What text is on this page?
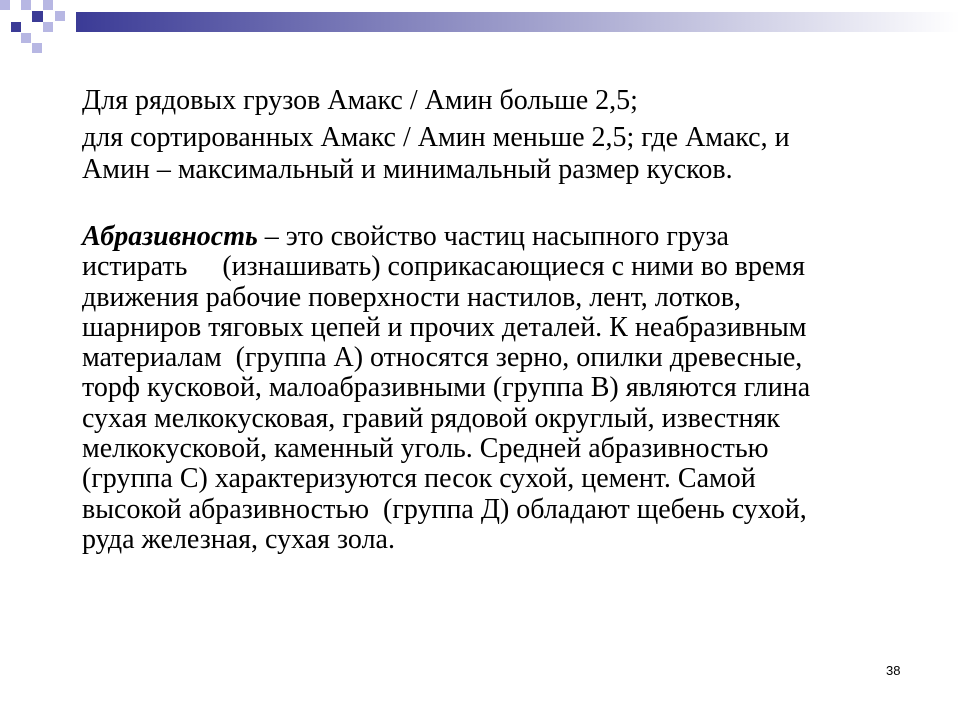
Для рядовых грузов Амакс / Амин больше 2,5;

для сортированных Амакс / Амин меньше 2,5; где Амакс, и

Амин – максимальный и минимальный размер кусков.

Абразивность – это свойство частиц насыпного груза
истирать     (изнашивать) соприкасающиеся с ними во время
движения рабочие поверхности настилов, лент, лотков,
шарниров тяговых цепей и прочих деталей. К неабразивным
материалам  (группа А) относятся зерно, опилки древесные,
торф кусковой, малоабразивными (группа В) являются глина
сухая мелкокусковая, гравий рядовой округлый, известняк
мелкокусковой, каменный уголь. Средней абразивностью
(группа С) характеризуются песок сухой, цемент. Самой
высокой абразивностью  (группа Д) обладают щебень сухой,
руда железная, сухая зола.

38
